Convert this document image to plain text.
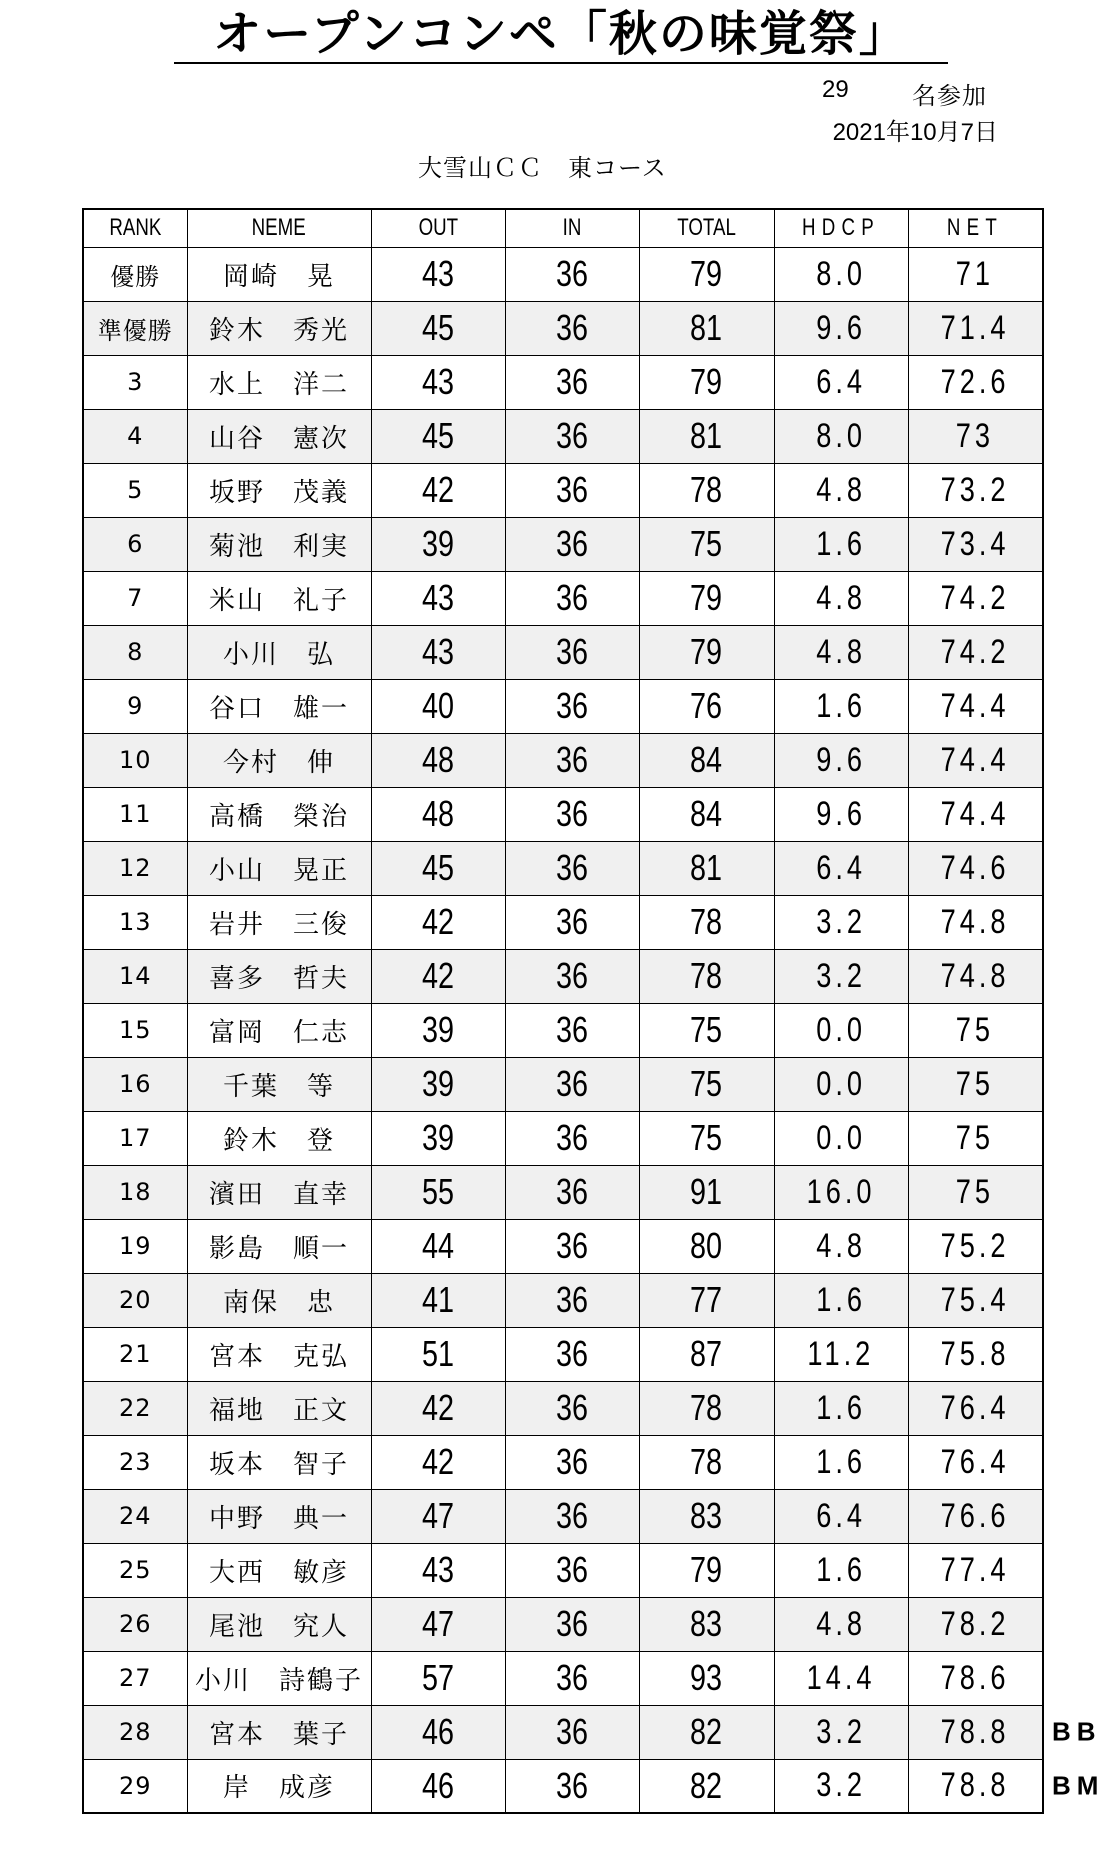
オープンコンペ「秋の味覚祭」
29	名参加
2021年10月7日
大雪山ＣＣ　東コース
RANK	NEME	OUT	IN	TOTAL	HDCP	NET
優勝	岡崎　晃	43	36	79	8.0	71
準優勝	鈴木　秀光	45	36	81	9.6	71.4
3	水上　洋二	43	36	79	6.4	72.6
4	山谷　憲次	45	36	81	8.0	73
5	坂野　茂義	42	36	78	4.8	73.2
6	菊池　利実	39	36	75	1.6	73.4
7	米山　礼子	43	36	79	4.8	74.2
8	小川　弘	43	36	79	4.8	74.2
9	谷口　雄一	40	36	76	1.6	74.4
10	今村　伸	48	36	84	9.6	74.4
11	高橋　榮治	48	36	84	9.6	74.4
12	小山　晃正	45	36	81	6.4	74.6
13	岩井　三俊	42	36	78	3.2	74.8
14	喜多　哲夫	42	36	78	3.2	74.8
15	富岡　仁志	39	36	75	0.0	75
16	千葉　等	39	36	75	0.0	75
17	鈴木　登	39	36	75	0.0	75
18	濱田　直幸	55	36	91	16.0	75
19	影島　順一	44	36	80	4.8	75.2
20	南保　忠	41	36	77	1.6	75.4
21	宮本　克弘	51	36	87	11.2	75.8
22	福地　正文	42	36	78	1.6	76.4
23	坂本　智子	42	36	78	1.6	76.4
24	中野　典一	47	36	83	6.4	76.6
25	大西　敏彦	43	36	79	1.6	77.4
26	尾池　究人	47	36	83	4.8	78.2
27	小川　詩鶴子	57	36	93	14.4	78.6
28	宮本　葉子	46	36	82	3.2	78.8 BB

29	岸　成彦	46	36	82	3.2	78.8 BM
